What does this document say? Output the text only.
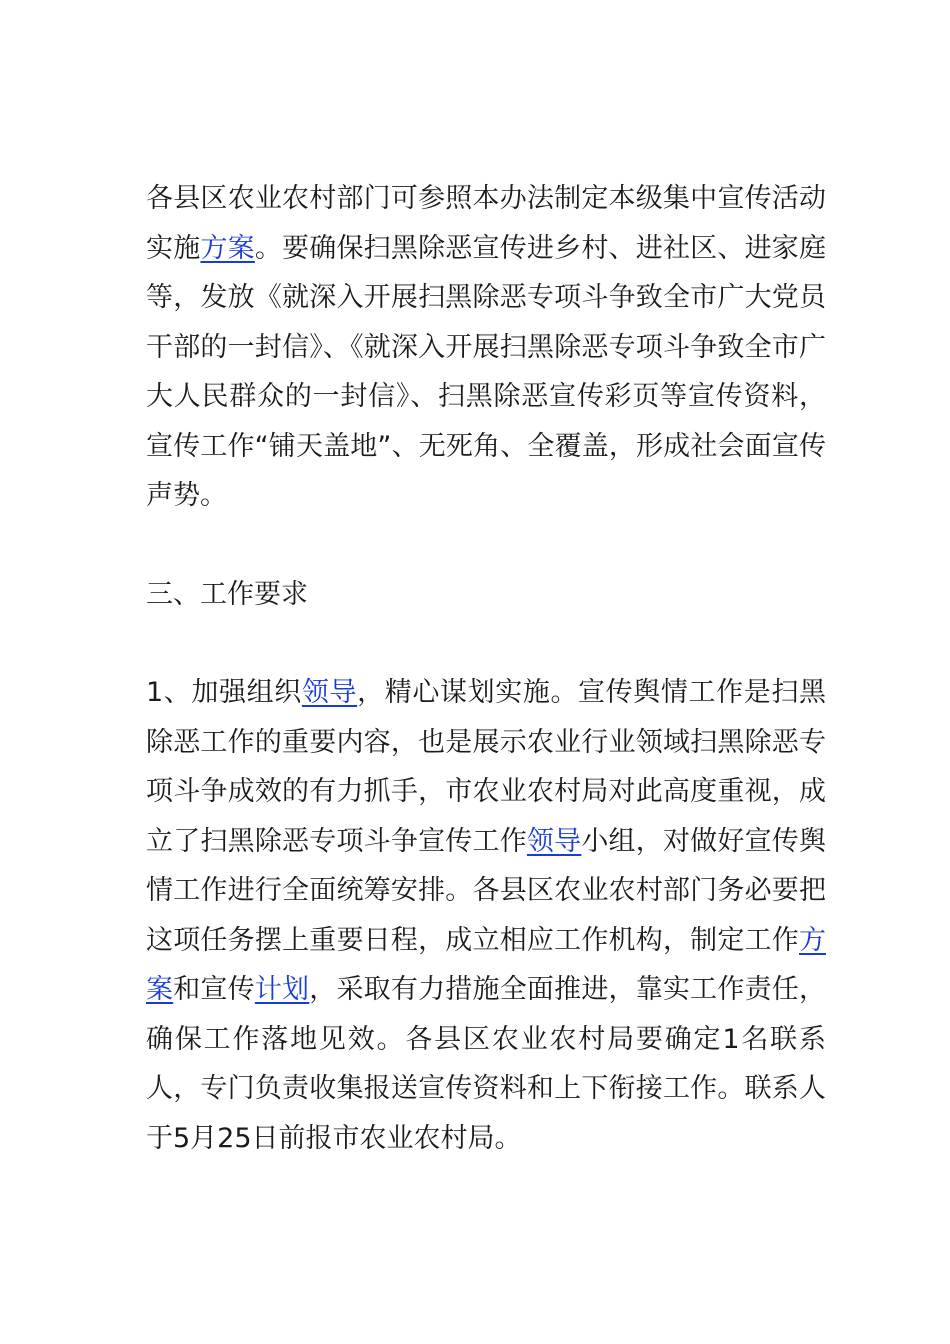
各县区农业农村部门可参照本办法制定本级集中宣传活动实施方案。要确保扫黑除恶宣传进乡村、进社区、进家庭等，发放《就深入开展扫黑除恶专项斗争致全市广大党员干部的一封信》、《就深入开展扫黑除恶专项斗争致全市广大人民群众的一封信》、扫黑除恶宣传彩页等宣传资料，宣传工作“铺天盖地”、无死角、全覆盖，形成社会面宣传声势。

三、工作要求

1、加强组织领导，精心谋划实施。宣传舆情工作是扫黑除恶工作的重要内容，也是展示农业行业领域扫黑除恶专项斗争成效的有力抓手，市农业农村局对此高度重视，成立了扫黑除恶专项斗争宣传工作领导小组，对做好宣传舆情工作进行全面统筹安排。各县区农业农村部门务必要把这项任务摆上重要日程，成立相应工作机构，制定工作方案和宣传计划，采取有力措施全面推进，靠实工作责任，确保工作落地见效。各县区农业农村局要确定1名联系人，专门负责收集报送宣传资料和上下衔接工作。联系人于5月25日前报市农业农村局。
